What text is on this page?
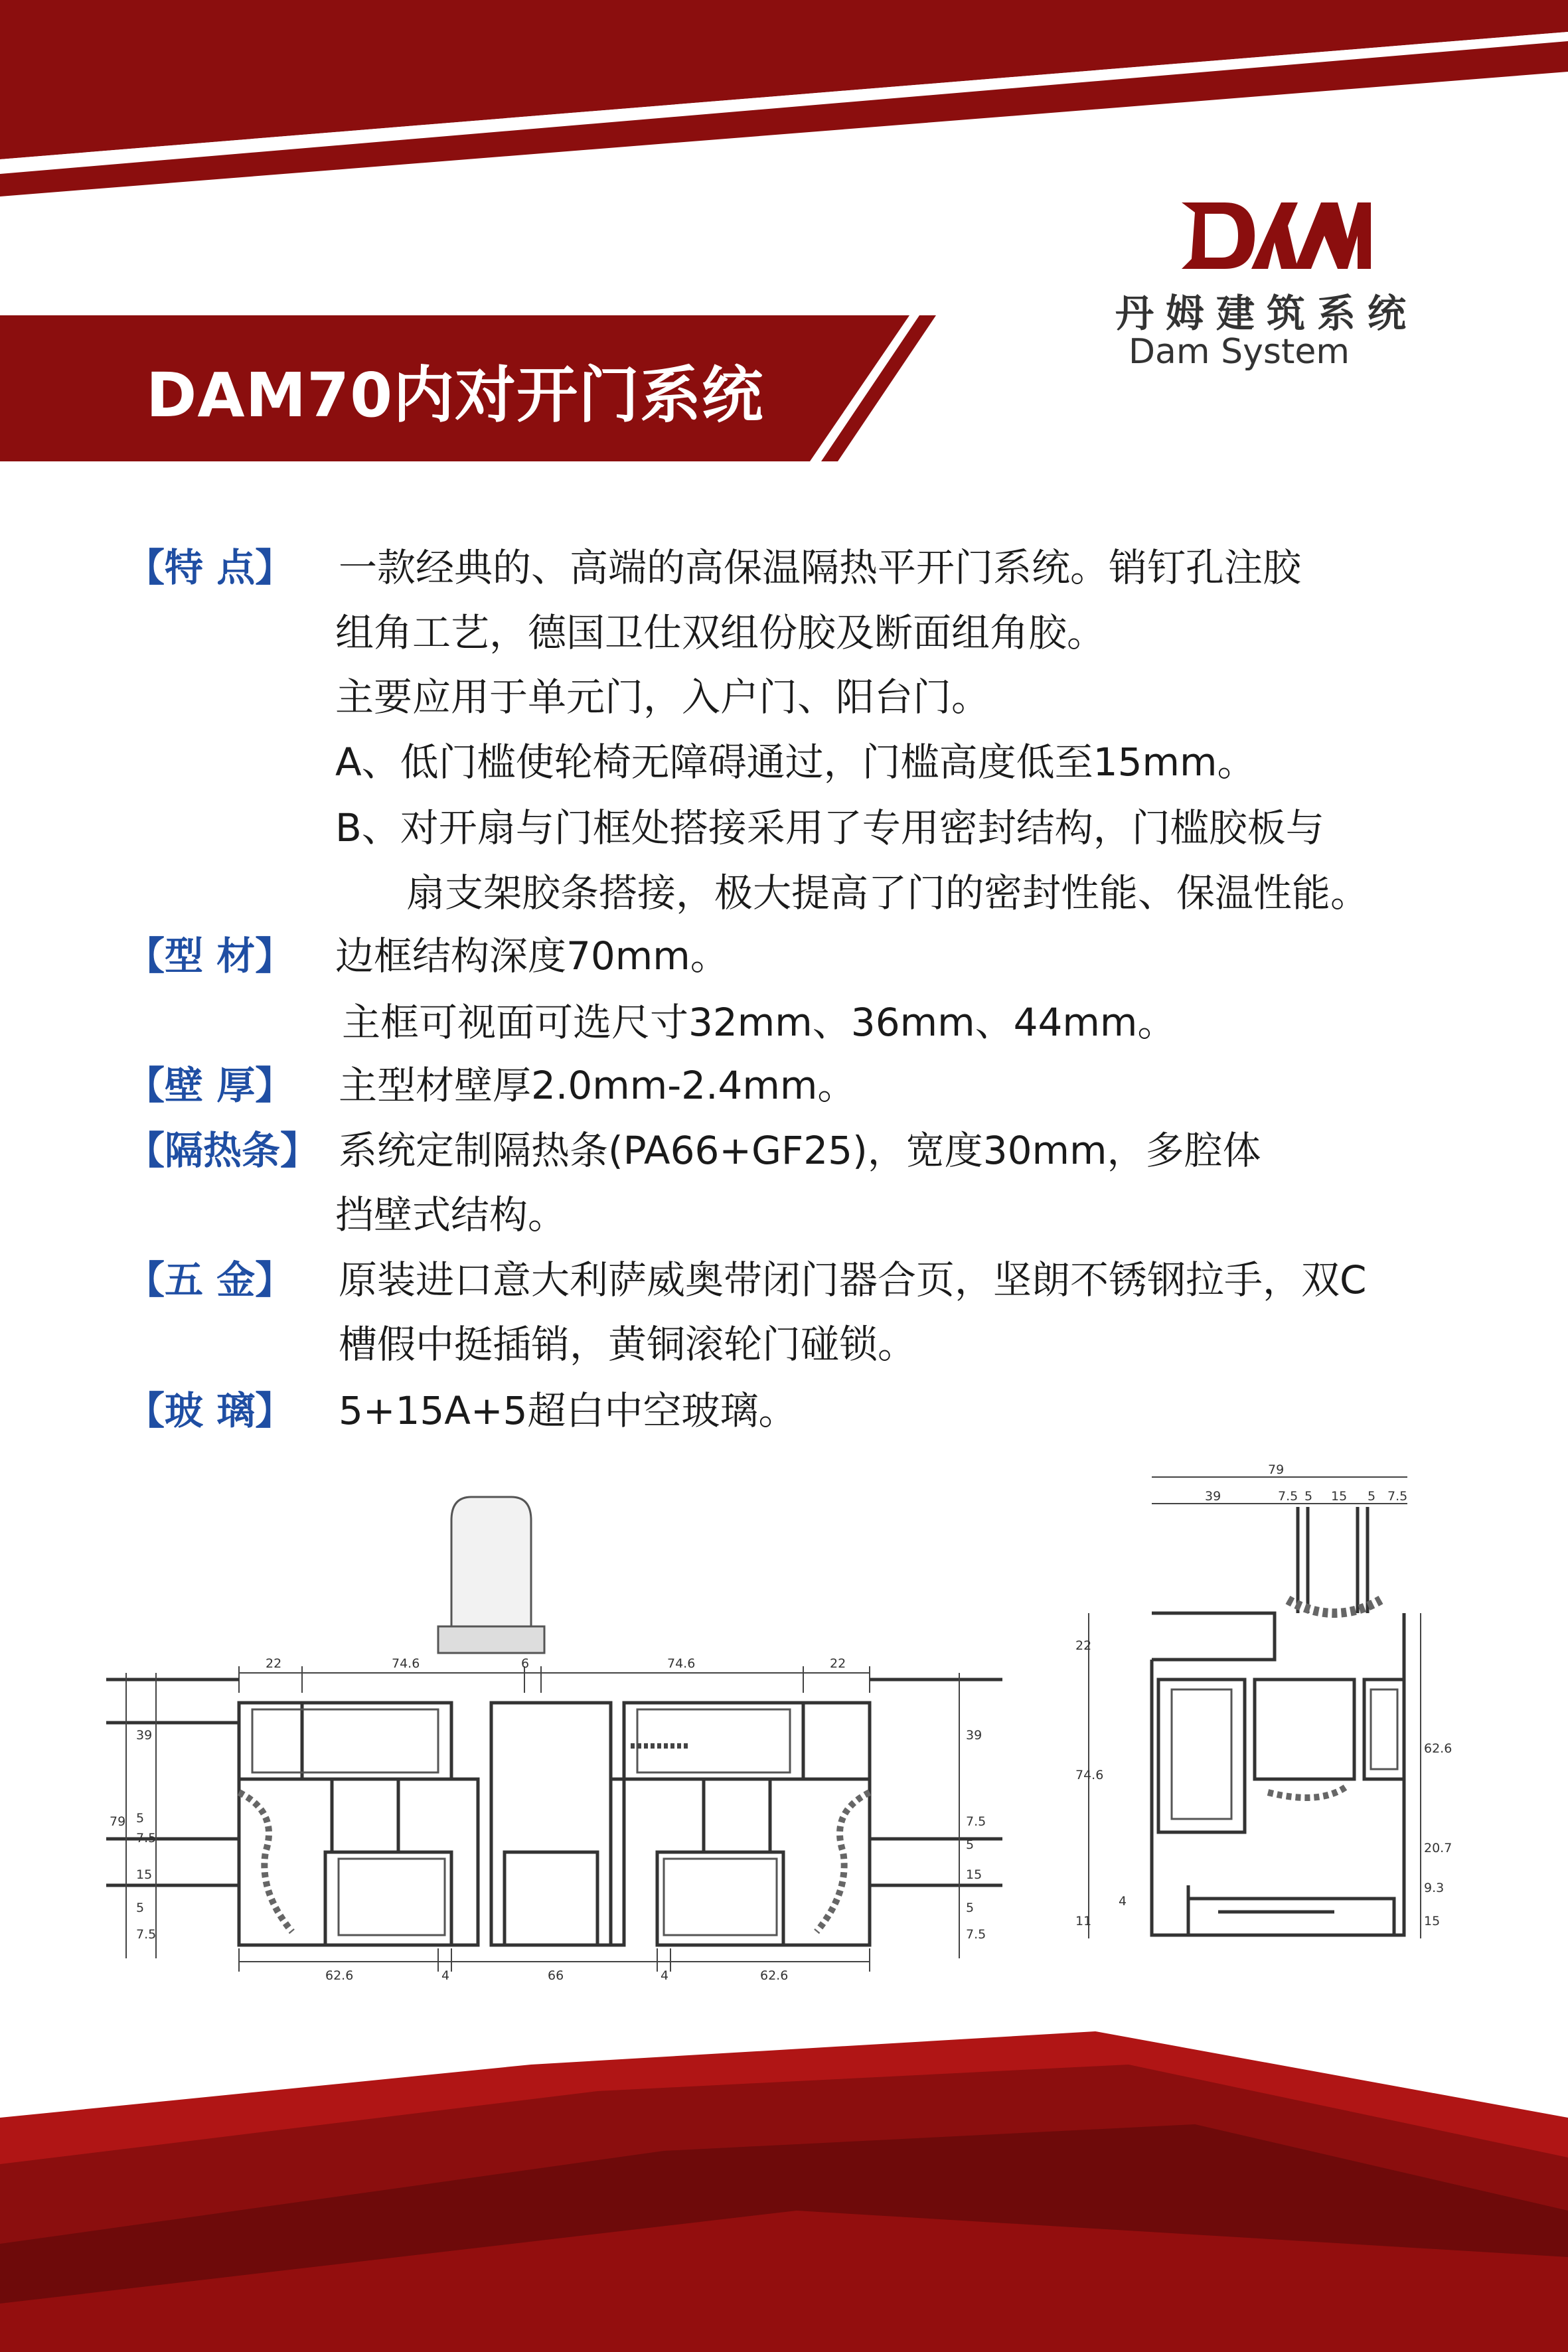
丹姆建筑系统
Dam System
DAM70内对开门系统
【特 点】	一款经典的、高端的高保温隔热平开门系统。销钉孔注胶
组角工艺，德国卫仕双组份胶及断面组角胶。
主要应用于单元门，入户门、阳台门。
A、低门槛使轮椅无障碍通过，门槛高度低至15mm。
B、对开扇与门框处搭接采用了专用密封结构，门槛胶板与
扇支架胶条搭接，极大提高了门的密封性能、保温性能。
【型 材】	边框结构深度70mm。
主框可视面可选尺寸32mm、36mm、44mm。
【壁 厚】	主型材壁厚2.0mm-2.4mm。
【隔热条】 系统定制隔热条(PA66+GF25)，宽度30mm，多腔体
挡壁式结构。
【五 金】	原装进口意大利萨威奥带闭门器合页，坚朗不锈钢拉手，双C
槽假中挺插销，黄铜滚轮门碰锁。
【玻 璃】	5+15A+5超白中空玻璃。
22	74.6	6	74.6	22
79
39
5
7.5
15
5
7.5
39
7.5
5
15
5
7.5
62.6	4	66	4	62.6
79
39	7.5 5 15 5 7.5
22
74.6
4
11
62.6
20.7
9.3
15
